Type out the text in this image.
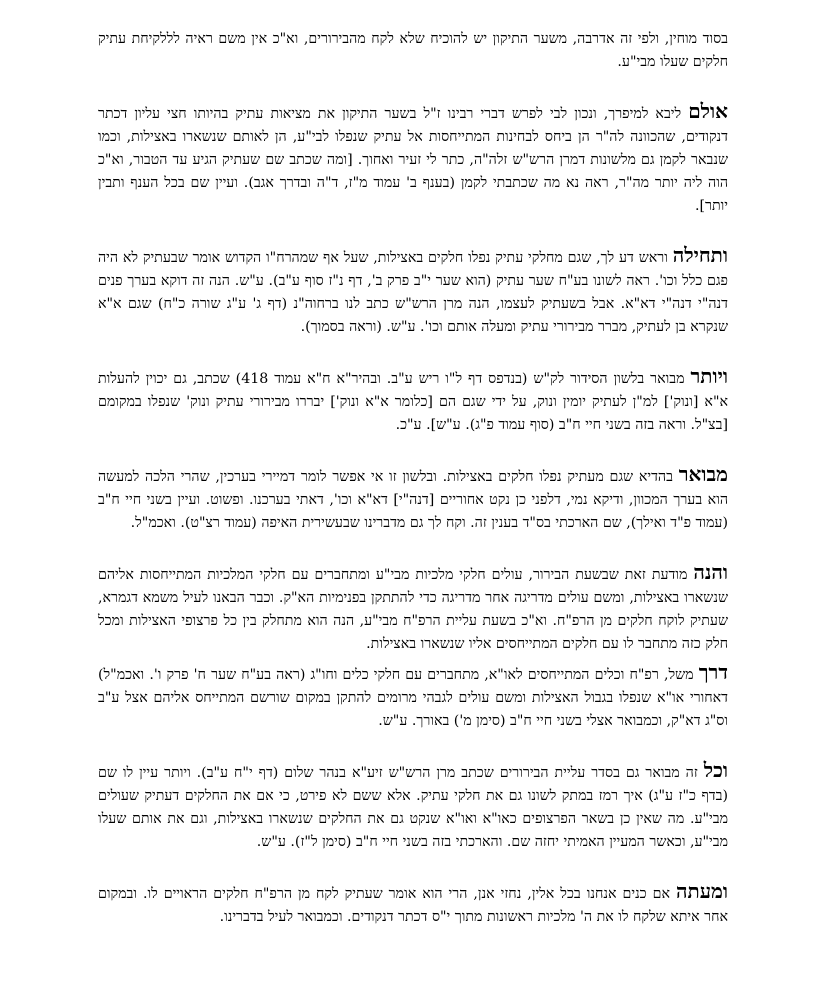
בסוד מוחין, ולפי זה אדרבה, משער התיקון יש להוכיח שלא לקח מהבירורים, וא"כ אין משם ראיה לללקיחת עתיק חלקים שעלו מבי"ע.

אולם ליבא למיפרך, ונכון לבי לפרש דברי רבינו ז"ל בשער התיקון את מציאות עתיק בהיותו חצי עליון דכתר דנקודים, שהכוונה לה"ר הן ביחס לבחינות המתייחסות אל עתיק שנפלו לבי"ע, הן לאותם שנשארו באצילות, וכמו שנבאר לקמן גם מלשונות דמרן הרש"ש זלה"ה, כתר לי זעיר ואחוך. [ומה שכתב שם שעתיק הגיע עד הטבור, וא"כ הוה ליה יותר מה"ר, ראה נא מה שכתבתי לקמן (בענף ב' עמוד מ"ז, ד"ה ובדרך אגב). ועיין שם בכל הענף ותבין יותר].

ותחילה וראש דע לך, שגם מחלקי עתיק נפלו חלקים באצילות, שעל אף שמהרח"ו הקדוש אומר שבעתיק לא היה פגם כלל וכו'. ראה לשונו בע"ח שער עתיק (הוא שער י"ב פרק ב', דף נ"ז סוף ע"ב). ע"ש. הנה זה דוקא בערך פנים דנה"י דנה"י דא"א. אבל בשעתיק לעצמו, הנה מרן הרש"ש כתב לנו ברחוה"נ (דף ג' ע"ג שורה כ"ח) שגם א"א שנקרא בן לעתיק, מברר מבירורי עתיק ומעלה אותם וכו'. ע"ש. (וראה בסמוך).

ויותר מבואר בלשון הסידור לק"ש (בנדפס דף ל"ו ריש ע"ב. ובהיר"א ח"א עמוד 418) שכתב, גם יכוין להעלות א"א [ונוק'] למ"ן לעתיק יומין ונוק, על ידי שגם הם [כלומר א"א ונוק'] יבררו מבירורי עתיק ונוק' שנפלו במקומם [בצ"ל. וראה בזה בשני חיי ח"ב (סוף עמוד פ"ג). ע"ש]. ע"כ.

מבואר בהדיא שגם מעתיק נפלו חלקים באצילות. ובלשון זו אי אפשר לומר דמיירי בערכין, שהרי הלכה למעשה הוא בערך המכוון, ודיקא נמי, דלפני כן נקט אחוריים [דנה"י] דא"א וכו', דאתי בערכנו. ופשוט. ועיין בשני חיי ח"ב (עמוד פ"ד ואילך), שם הארכתי בס"ד בענין זה. וקח לך גם מדברינו שבעשירית האיפה (עמוד רצ"ט). ואכמ"ל.

והנה מודעת זאת שבשעת הבירור, עולים חלקי מלכיות מבי"ע ומתחברים עם חלקי המלכיות המתייחסות אליהם שנשארו באצילות, ומשם עולים מדריגה אחר מדריגה כדי להתתקן בפנימיות הא"ק. וכבר הבאנו לעיל משמא דגמרא, שעתיק לוקח חלקים מן הרפ"ח. וא"כ בשעת עליית הרפ"ח מבי"ע, הנה הוא מתחלק בין כל פרצופי האצילות ומכל חלק כזה מתחבר לו עם חלקים המתייחסים אליו שנשארו באצילות.

דרך משל, רפ"ח וכלים המתייחסים לאו"א, מתחברים עם חלקי כלים וחו"ג (ראה בע"ח שער ח' פרק ו'. ואכמ"ל) דאחורי או"א שנפלו בגבול האצילות ומשם עולים לגבהי מרומים להתקן במקום שורשם המתייחס אליהם אצל ע"ב וס"ג דא"ק, וכמבואר אצלי בשני חיי ח"ב (סימן מ') באורך. ע"ש.

וכל זה מבואר גם בסדר עליית הבירורים שכתב מרן הרש"ש זיע"א בנהר שלום (דף י"ח ע"ב). ויותר עיין לו שם (בדף כ"ז ע"ג) איך רמז במתק לשונו גם את חלקי עתיק. אלא ששם לא פירט, כי אם את החלקים דעתיק שעולים מבי"ע. מה שאין כן בשאר הפרצופים כאו"א ואו"א שנקט גם את החלקים שנשארו באצילות, וגם את אותם שעלו מבי"ע, וכאשר המעיין האמיתי יחזה שם. והארכתי בזה בשני חיי ח"ב (סימן ל"ז). ע"ש.

ומעתה אם כנים אנחנו בכל אלין, נחזי אנן, הרי הוא אומר שעתיק לקח מן הרפ"ח חלקים הראויים לו. ובמקום אחר איתא שלקח לו את ה' מלכיות ראשונות מתוך י"ס דכתר דנקודים. וכמבואר לעיל בדברינו.
